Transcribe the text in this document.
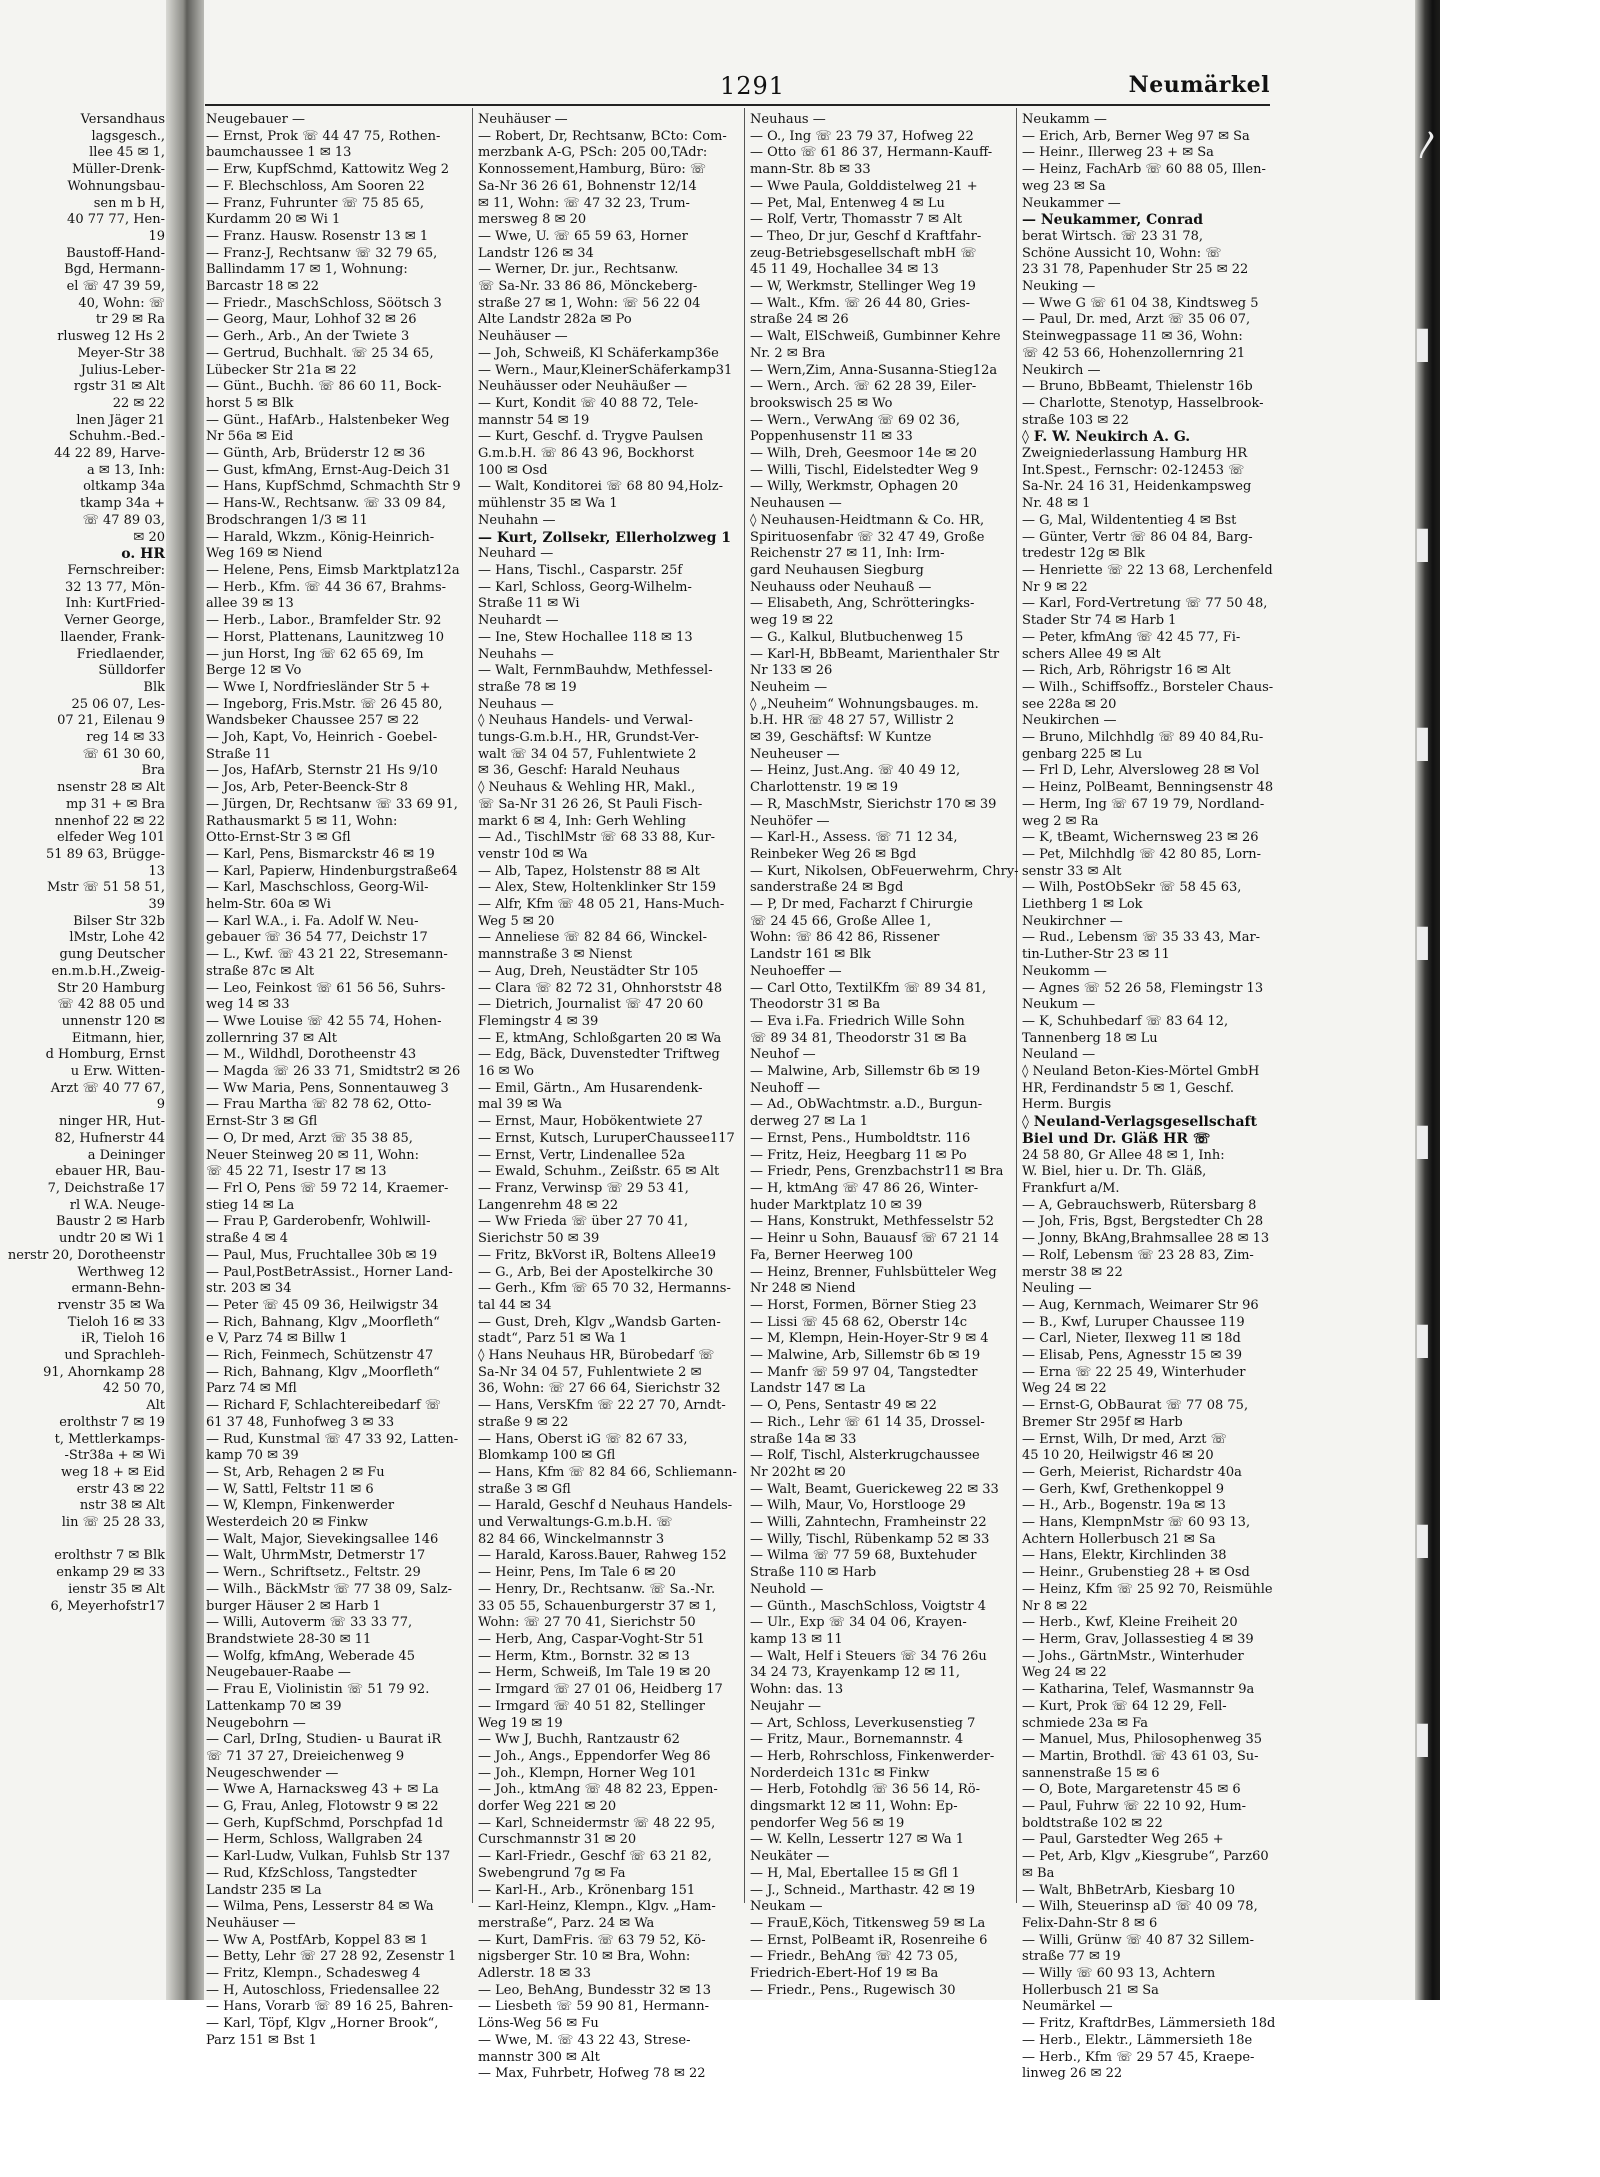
1291	Neumärkel
Versandhaus
lagsgesch.,
llee 45 ✉ 1,
Müller-Drenk-
Wohnungsbau-
sen m b H,
40 77 77, Hen-
19
Baustoff-Hand-
Bgd, Hermann-
el ☏ 47 39 59,
40, Wohn: ☏
tr 29 ✉ Ra
rlusweg 12 Hs 2
Meyer-Str 38
Julius-Leber-
rgstr 31 ✉ Alt
22 ✉ 22
lnen Jäger 21
Schuhm.-Bed.-
44 22 89, Harve-
a ✉ 13, Inh:
oltkamp 34a
tkamp 34a +
☏ 47 89 03,
✉ 20
o. HR
Fernschreiber:
32 13 77, Mön-
Inh: KurtFried-
Verner George,
llaender, Frank-
Friedlaender,
Sülldorfer
Blk
25 06 07, Les-
07 21, Eilenau 9
reg 14 ✉ 33
☏ 61 30 60,
Bra
nsenstr 28 ✉ Alt
mp 31 + ✉ Bra
nnenhof 22 ✉ 22
elfeder Weg 101
51 89 63, Brügge-
13
Mstr ☏ 51 58 51,
39
Bilser Str 32b
lMstr, Lohe 42
gung Deutscher
en.m.b.H.,Zweig-
Str 20 Hamburg
☏ 42 88 05 und
unnenstr 120 ✉
Eitmann, hier,
d Homburg, Ernst
u Erw. Witten-
Arzt ☏ 40 77 67,
9
ninger HR, Hut-
82, Hufnerstr 44
a Deininger
ebauer HR, Bau-
7, Deichstraße 17
rl W.A. Neuge-
Baustr 2 ✉ Harb
undtr 20 ✉ Wi 1
nerstr 20, Dorotheenstr
Werthweg 12
ermann-Behn-
rvenstr 35 ✉ Wa
Tieloh 16 ✉ 33
iR, Tieloh 16
und Sprachleh-
91, Ahornkamp 28
42 50 70,
Alt
erolthstr 7 ✉ 19
t, Mettlerkamps-
-Str38a + ✉ Wi
weg 18 + ✉ Eid
erstr 43 ✉ 22
nstr 38 ✉ Alt
lin ☏ 25 28 33,

erolthstr 7 ✉ Blk
enkamp 29 ✉ 33
ienstr 35 ✉ Alt
6, Meyerhofstr17
Neugebauer —
— Ernst, Prok ☏ 44 47 75, Rothen-
baumchaussee 1 ✉ 13
— Erw, KupfSchmd, Kattowitz Weg 2
— F. Blechschloss, Am Sooren 22
— Franz, Fuhrunter ☏ 75 85 65,
Kurdamm 20 ✉ Wi 1
— Franz. Hausw. Rosenstr 13 ✉ 1
— Franz-J, Rechtsanw ☏ 32 79 65,
Ballindamm 17 ✉ 1, Wohnung:
Barcastr 18 ✉ 22
— Friedr., MaschSchloss, Söötsch 3
— Georg, Maur, Lohhof 32 ✉ 26
— Gerh., Arb., An der Twiete 3
— Gertrud, Buchhalt. ☏ 25 34 65,
Lübecker Str 21a ✉ 22
— Günt., Buchh. ☏ 86 60 11, Bock-
horst 5 ✉ Blk
— Günt., HafArb., Halstenbeker Weg
Nr 56a ✉ Eid
— Günth, Arb, Brüderstr 12 ✉ 36
— Gust, kfmAng, Ernst-Aug-Deich 31
— Hans, KupfSchmd, Schmachth Str 9
— Hans-W., Rechtsanw. ☏ 33 09 84,
Brodschrangen 1/3 ✉ 11
— Harald, Wkzm., König-Heinrich-
Weg 169 ✉ Niend
— Helene, Pens, Eimsb Marktplatz12a
— Herb., Kfm. ☏ 44 36 67, Brahms-
allee 39 ✉ 13
— Herb., Labor., Bramfelder Str. 92
— Horst, Plattenans, Launitzweg 10
— jun Horst, Ing ☏ 62 65 69, Im
Berge 12 ✉ Vo
— Wwe I, Nordfriesländer Str 5 +
— Ingeborg, Fris.Mstr. ☏ 26 45 80,
Wandsbeker Chaussee 257 ✉ 22
— Joh, Kapt, Vo, Heinrich - Goebel-
Straße 11
— Jos, HafArb, Sternstr 21 Hs 9/10
— Jos, Arb, Peter-Beenck-Str 8
— Jürgen, Dr, Rechtsanw ☏ 33 69 91,
Rathausmarkt 5 ✉ 11, Wohn:
Otto-Ernst-Str 3 ✉ Gfl
— Karl, Pens, Bismarckstr 46 ✉ 19
— Karl, Papierw, Hindenburgstraße64
— Karl, Maschschloss, Georg-Wil-
helm-Str. 60a ✉ Wi
— Karl W.A., i. Fa. Adolf W. Neu-
gebauer ☏ 36 54 77, Deichstr 17
— L., Kwf. ☏ 43 21 22, Stresemann-
straße 87c ✉ Alt
— Leo, Feinkost ☏ 61 56 56, Suhrs-
weg 14 ✉ 33
— Wwe Louise ☏ 42 55 74, Hohen-
zollernring 37 ✉ Alt
— M., Wildhdl, Dorotheenstr 43
— Magda ☏ 26 33 71, Smidtstr2 ✉ 26
— Ww Maria, Pens, Sonnentauweg 3
— Frau Martha ☏ 82 78 62, Otto-
Ernst-Str 3 ✉ Gfl
— O, Dr med, Arzt ☏ 35 38 85,
Neuer Steinweg 20 ✉ 11, Wohn:
☏ 45 22 71, Isestr 17 ✉ 13
— Frl O, Pens ☏ 59 72 14, Kraemer-
stieg 14 ✉ La
— Frau P, Garderobenfr, Wohlwill-
straße 4 ✉ 4
— Paul, Mus, Fruchtallee 30b ✉ 19
— Paul,PostBetrAssist., Horner Land-
str. 203 ✉ 34
— Peter ☏ 45 09 36, Heilwigstr 34
— Rich, Bahnang, Klgv „Moorfleth“
e V, Parz 74 ✉ Billw 1
— Rich, Feinmech, Schützenstr 47
— Rich, Bahnang, Klgv „Moorfleth“
Parz 74 ✉ Mfl
— Richard F, Schlachtereibedarf ☏
61 37 48, Funhofweg 3 ✉ 33
— Rud, Kunstmal ☏ 47 33 92, Latten-
kamp 70 ✉ 39
— St, Arb, Rehagen 2 ✉ Fu
— W, Sattl, Feltstr 11 ✉ 6
— W, Klempn, Finkenwerder
Westerdeich 20 ✉ Finkw
— Walt, Major, Sievekingsallee 146
— Walt, UhrmMstr, Detmerstr 17
— Wern., Schriftsetz., Feltstr. 29
— Wilh., BäckMstr ☏ 77 38 09, Salz-
burger Häuser 2 ✉ Harb 1
— Willi, Autoverm ☏ 33 33 77,
Brandstwiete 28-30 ✉ 11
— Wolfg, kfmAng, Weberade 45
Neugebauer-Raabe —
— Frau E, Violinistin ☏ 51 79 92.
Lattenkamp 70 ✉ 39
Neugebohrn —
— Carl, DrIng, Studien- u Baurat iR
☏ 71 37 27, Dreieichenweg 9
Neugeschwender —
— Wwe A, Harnacksweg 43 + ✉ La
— G, Frau, Anleg, Flotowstr 9 ✉ 22
— Gerh, KupfSchmd, Porschpfad 1d
— Herm, Schloss, Wallgraben 24
— Karl-Ludw, Vulkan, Fuhlsb Str 137
— Rud, KfzSchloss, Tangstedter
Landstr 235 ✉ La
— Wilma, Pens, Lesserstr 84 ✉ Wa
Neuhäuser —
— Ww A, PostfArb, Koppel 83 ✉ 1
— Betty, Lehr ☏ 27 28 92, Zesenstr 1
— Fritz, Klempn., Schadesweg 4
— H, Autoschloss, Friedensallee 22
— Hans, Vorarb ☏ 89 16 25, Bahren-
— Karl, Töpf, Klgv „Horner Brook“,
Parz 151 ✉ Bst 1
Neuhäuser —
— Robert, Dr, Rechtsanw, BCto: Com-
merzbank A-G, PSch: 205 00,TAdr:
Konnossement,Hamburg, Büro: ☏
Sa-Nr 36 26 61, Bohnenstr 12/14
✉ 11, Wohn: ☏ 47 32 23, Trum-
mersweg 8 ✉ 20
— Wwe, U. ☏ 65 59 63, Horner
Landstr 126 ✉ 34
— Werner, Dr. jur., Rechtsanw.
☏ Sa-Nr. 33 86 86, Mönckeberg-
straße 27 ✉ 1, Wohn: ☏ 56 22 04
Alte Landstr 282a ✉ Po
Neuhäuser —
— Joh, Schweiß, Kl Schäferkamp36e
— Wern., Maur,KleinerSchäferkamp31
Neuhäusser oder Neuhäußer —
— Kurt, Kondit ☏ 40 88 72, Tele-
mannstr 54 ✉ 19
— Kurt, Geschf. d. Trygve Paulsen
G.m.b.H. ☏ 86 43 96, Bockhorst
100 ✉ Osd
— Walt, Konditorei ☏ 68 80 94,Holz-
mühlenstr 35 ✉ Wa 1
Neuhahn —
— Kurt, Zollsekr, Ellerholzweg 1
Neuhard —
— Hans, Tischl., Casparstr. 25f
— Karl, Schloss, Georg-Wilhelm-
Straße 11 ✉ Wi
Neuhardt —
— Ine, Stew Hochallee 118 ✉ 13
Neuhahs —
— Walt, FernmBauhdw, Methfessel-
straße 78 ✉ 19
Neuhaus —
◊ Neuhaus Handels- und Verwal-
tungs-G.m.b.H., HR, Grundst-Ver-
walt ☏ 34 04 57, Fuhlentwiete 2
✉ 36, Geschf: Harald Neuhaus
◊ Neuhaus & Wehling HR, Makl.,
☏ Sa-Nr 31 26 26, St Pauli Fisch-
markt 6 ✉ 4, Inh: Gerh Wehling
— Ad., TischlMstr ☏ 68 33 88, Kur-
venstr 10d ✉ Wa
— Alb, Tapez, Holstenstr 88 ✉ Alt
— Alex, Stew, Holtenklinker Str 159
— Alfr, Kfm ☏ 48 05 21, Hans-Much-
Weg 5 ✉ 20
— Anneliese ☏ 82 84 66, Winckel-
mannstraße 3 ✉ Nienst
— Aug, Dreh, Neustädter Str 105
— Clara ☏ 82 72 31, Ohnhorststr 48
— Dietrich, Journalist ☏ 47 20 60
Flemingstr 4 ✉ 39
— E, ktmAng, Schloßgarten 20 ✉ Wa
— Edg, Bäck, Duvenstedter Triftweg
16 ✉ Wo
— Emil, Gärtn., Am Husarendenk-
mal 39 ✉ Wa
— Ernst, Maur, Hobökentwiete 27
— Ernst, Kutsch, LuruperChaussee117
— Ernst, Vertr, Lindenallee 52a
— Ewald, Schuhm., Zeißstr. 65 ✉ Alt
— Franz, Verwinsp ☏ 29 53 41,
Langenrehm 48 ✉ 22
— Ww Frieda ☏ über 27 70 41,
Sierichstr 50 ✉ 39
— Fritz, BkVorst iR, Boltens Allee19
— G., Arb, Bei der Apostelkirche 30
— Gerh., Kfm ☏ 65 70 32, Hermanns-
tal 44 ✉ 34
— Gust, Dreh, Klgv „Wandsb Garten-
stadt“, Parz 51 ✉ Wa 1
◊ Hans Neuhaus HR, Bürobedarf ☏
Sa-Nr 34 04 57, Fuhlentwiete 2 ✉
36, Wohn: ☏ 27 66 64, Sierichstr 32
— Hans, VersKfm ☏ 22 27 70, Arndt-
straße 9 ✉ 22
— Hans, Oberst iG ☏ 82 67 33,
Blomkamp 100 ✉ Gfl
— Hans, Kfm ☏ 82 84 66, Schliemann-
straße 3 ✉ Gfl
— Harald, Geschf d Neuhaus Handels-
und Verwaltungs-G.m.b.H. ☏
82 84 66, Winckelmannstr 3
— Harald, Kaross.Bauer, Rahweg 152
— Heinr, Pens, Im Tale 6 ✉ 20
— Henry, Dr., Rechtsanw. ☏ Sa.-Nr.
33 05 55, Schauenburgerstr 37 ✉ 1,
Wohn: ☏ 27 70 41, Sierichstr 50
— Herb, Ang, Caspar-Voght-Str 51
— Herm, Ktm., Bornstr. 32 ✉ 13
— Herm, Schweiß, Im Tale 19 ✉ 20
— Irmgard ☏ 27 01 06, Heidberg 17
— Irmgard ☏ 40 51 82, Stellinger
Weg 19 ✉ 19
— Ww J, Buchh, Rantzaustr 62
— Joh., Angs., Eppendorfer Weg 86
— Joh., Klempn, Horner Weg 101
— Joh., ktmAng ☏ 48 82 23, Eppen-
dorfer Weg 221 ✉ 20
— Karl, Schneidermstr ☏ 48 22 95,
Curschmannstr 31 ✉ 20
— Karl-Friedr., Geschf ☏ 63 21 82,
Swebengrund 7g ✉ Fa
— Karl-H., Arb., Krönenbarg 151
— Karl-Heinz, Klempn., Klgv. „Ham-
merstraße“, Parz. 24 ✉ Wa
— Kurt, DamFris. ☏ 63 79 52, Kö-
nigsberger Str. 10 ✉ Bra, Wohn:
Adlerstr. 18 ✉ 33
— Leo, BehAng, Bundesstr 32 ✉ 13
— Liesbeth ☏ 59 90 81, Hermann-
Löns-Weg 56 ✉ Fu
— Wwe, M. ☏ 43 22 43, Strese-
mannstr 300 ✉ Alt
— Max, Fuhrbetr, Hofweg 78 ✉ 22
Neuhaus —
— O., Ing ☏ 23 79 37, Hofweg 22
— Otto ☏ 61 86 37, Hermann-Kauff-
mann-Str. 8b ✉ 33
— Wwe Paula, Golddistelweg 21 +
— Pet, Mal, Entenweg 4 ✉ Lu
— Rolf, Vertr, Thomasstr 7 ✉ Alt
— Theo, Dr jur, Geschf d Kraftfahr-
zeug-Betriebsgesellschaft mbH ☏
45 11 49, Hochallee 34 ✉ 13
— W, Werkmstr, Stellinger Weg 19
— Walt., Kfm. ☏ 26 44 80, Gries-
straße 24 ✉ 26
— Walt, ElSchweiß, Gumbinner Kehre
Nr. 2 ✉ Bra
— Wern,Zim, Anna-Susanna-Stieg12a
— Wern., Arch. ☏ 62 28 39, Eiler-
brookswisch 25 ✉ Wo
— Wern., VerwAng ☏ 69 02 36,
Poppenhusenstr 11 ✉ 33
— Wilh, Dreh, Geesmoor 14e ✉ 20
— Willi, Tischl, Eidelstedter Weg 9
— Willy, Werkmstr, Ophagen 20
Neuhausen —
◊ Neuhausen-Heidtmann & Co. HR,
Spirituosenfabr ☏ 32 47 49, Große
Reichenstr 27 ✉ 11, Inh: Irm-
gard Neuhausen Siegburg
Neuhauss oder Neuhauß —
— Elisabeth, Ang, Schrötteringks-
weg 19 ✉ 22
— G., Kalkul, Blutbuchenweg 15
— Karl-H, BbBeamt, Marienthaler Str
Nr 133 ✉ 26
Neuheim —
◊ „Neuheim“ Wohnungsbauges. m.
b.H. HR ☏ 48 27 57, Willistr 2
✉ 39, Geschäftsf: W Kuntze
Neuheuser —
— Heinz, Just.Ang. ☏ 40 49 12,
Charlottenstr. 19 ✉ 19
— R, MaschMstr, Sierichstr 170 ✉ 39
Neuhöfer —
— Karl-H., Assess. ☏ 71 12 34,
Reinbeker Weg 26 ✉ Bgd
— Kurt, Nikolsen, ObFeuerwehrm, Chry-
sanderstraße 24 ✉ Bgd
— P, Dr med, Facharzt f Chirurgie
☏ 24 45 66, Große Allee 1,
Wohn: ☏ 86 42 86, Rissener
Landstr 161 ✉ Blk
Neuhoeffer —
— Carl Otto, TextilKfm ☏ 89 34 81,
Theodorstr 31 ✉ Ba
— Eva i.Fa. Friedrich Wille Sohn
☏ 89 34 81, Theodorstr 31 ✉ Ba
Neuhof —
— Malwine, Arb, Sillemstr 6b ✉ 19
Neuhoff —
— Ad., ObWachtmstr. a.D., Burgun-
derweg 27 ✉ La 1
— Ernst, Pens., Humboldtstr. 116
— Fritz, Heiz, Heegbarg 11 ✉ Po
— Friedr, Pens, Grenzbachstr11 ✉ Bra
— H, ktmAng ☏ 47 86 26, Winter-
huder Marktplatz 10 ✉ 39
— Hans, Konstrukt, Methfesselstr 52
— Heinr u Sohn, Bauausf ☏ 67 21 14
Fa, Berner Heerweg 100
— Heinz, Brenner, Fuhlsbütteler Weg
Nr 248 ✉ Niend
— Horst, Formen, Börner Stieg 23
— Lissi ☏ 45 68 62, Oberstr 14c
— M, Klempn, Hein-Hoyer-Str 9 ✉ 4
— Malwine, Arb, Sillemstr 6b ✉ 19
— Manfr ☏ 59 97 04, Tangstedter
Landstr 147 ✉ La
— O, Pens, Sentastr 49 ✉ 22
— Rich., Lehr ☏ 61 14 35, Drossel-
straße 14a ✉ 33
— Rolf, Tischl, Alsterkrugchaussee
Nr 202ht ✉ 20
— Walt, Beamt, Guerickeweg 22 ✉ 33
— Wilh, Maur, Vo, Horstlooge 29
— Willi, Zahntechn, Framheinstr 22
— Willy, Tischl, Rübenkamp 52 ✉ 33
— Wilma ☏ 77 59 68, Buxtehuder
Straße 110 ✉ Harb
Neuhold —
— Günth., MaschSchloss, Voigtstr 4
— Ulr., Exp ☏ 34 04 06, Krayen-
kamp 13 ✉ 11
— Walt, Helf i Steuers ☏ 34 76 26u
34 24 73, Krayenkamp 12 ✉ 11,
Wohn: das. 13
Neujahr —
— Art, Schloss, Leverkusenstieg 7
— Fritz, Maur., Bornemannstr. 4
— Herb, Rohrschloss, Finkenwerder-
Norderdeich 131c ✉ Finkw
— Herb, Fotohdlg ☏ 36 56 14, Rö-
dingsmarkt 12 ✉ 11, Wohn: Ep-
pendorfer Weg 56 ✉ 19
— W. Kelln, Lessertr 127 ✉ Wa 1
Neukäter —
— H, Mal, Ebertallee 15 ✉ Gfl 1
— J., Schneid., Marthastr. 42 ✉ 19
Neukam —
— FrauE,Köch, Titkensweg 59 ✉ La
— Ernst, PolBeamt iR, Rosenreihe 6
— Friedr., BehAng ☏ 42 73 05,
Friedrich-Ebert-Hof 19 ✉ Ba
— Friedr., Pens., Rugewisch 30
Neukamm —
— Erich, Arb, Berner Weg 97 ✉ Sa
— Heinr., Illerweg 23 + ✉ Sa
— Heinz, FachArb ☏ 60 88 05, Illen-
weg 23 ✉ Sa
Neukammer —
— Neukammer, Conrad
berat Wirtsch. ☏ 23 31 78,
Schöne Aussicht 10, Wohn: ☏
23 31 78, Papenhuder Str 25 ✉ 22
Neuking —
— Wwe G ☏ 61 04 38, Kindtsweg 5
— Paul, Dr. med, Arzt ☏ 35 06 07,
Steinwegpassage 11 ✉ 36, Wohn:
☏ 42 53 66, Hohenzollernring 21
Neukirch —
— Bruno, BbBeamt, Thielenstr 16b
— Charlotte, Stenotyp, Hasselbrook-
straße 103 ✉ 22
◊ F. W. Neukirch A. G.
Zweigniederlassung Hamburg HR
Int.Spest., Fernschr: 02-12453 ☏
Sa-Nr. 24 16 31, Heidenkampsweg
Nr. 48 ✉ 1
— G, Mal, Wildententieg 4 ✉ Bst
— Günter, Vertr ☏ 86 04 84, Barg-
tredestr 12g ✉ Blk
— Henriette ☏ 22 13 68, Lerchenfeld
Nr 9 ✉ 22
— Karl, Ford-Vertretung ☏ 77 50 48,
Stader Str 74 ✉ Harb 1
— Peter, kfmAng ☏ 42 45 77, Fi-
schers Allee 49 ✉ Alt
— Rich, Arb, Röhrigstr 16 ✉ Alt
— Wilh., Schiffsoffz., Borsteler Chaus-
see 228a ✉ 20
Neukirchen —
— Bruno, Milchhdlg ☏ 89 40 84,Ru-
genbarg 225 ✉ Lu
— Frl D, Lehr, Alversloweg 28 ✉ Vol
— Heinz, PolBeamt, Benningsenstr 48
— Herm, Ing ☏ 67 19 79, Nordland-
weg 2 ✉ Ra
— K, tBeamt, Wichernsweg 23 ✉ 26
— Pet, Milchhdlg ☏ 42 80 85, Lorn-
senstr 33 ✉ Alt
— Wilh, PostObSekr ☏ 58 45 63,
Liethberg 1 ✉ Lok
Neukirchner —
— Rud., Lebensm ☏ 35 33 43, Mar-
tin-Luther-Str 23 ✉ 11
Neukomm —
— Agnes ☏ 52 26 58, Flemingstr 13
Neukum —
— K, Schuhbedarf ☏ 83 64 12,
Tannenberg 18 ✉ Lu
Neuland —
◊ Neuland Beton-Kies-Mörtel GmbH
HR, Ferdinandstr 5 ✉ 1, Geschf.
Herm. Burgis
◊ Neuland-Verlagsgesellschaft
Biel und Dr. Gläß HR ☏
24 58 80, Gr Allee 48 ✉ 1, Inh:
W. Biel, hier u. Dr. Th. Gläß,
Frankfurt a/M.
— A, Gebrauchswerb, Rütersbarg 8
— Joh, Fris, Bgst, Bergstedter Ch 28
— Jonny, BkAng,Brahmsallee 28 ✉ 13
— Rolf, Lebensm ☏ 23 28 83, Zim-
merstr 38 ✉ 22
Neuling —
— Aug, Kernmach, Weimarer Str 96
— B., Kwf, Luruper Chaussee 119
— Carl, Nieter, Ilexweg 11 ✉ 18d
— Elisab, Pens, Agnesstr 15 ✉ 39
— Erna ☏ 22 25 49, Winterhuder
Weg 24 ✉ 22
— Ernst-G, ObBaurat ☏ 77 08 75,
Bremer Str 295f ✉ Harb
— Ernst, Wilh, Dr med, Arzt ☏
45 10 20, Heilwigstr 46 ✉ 20
— Gerh, Meierist, Richardstr 40a
— Gerh, Kwf, Grethenkoppel 9
— H., Arb., Bogenstr. 19a ✉ 13
— Hans, KlempnMstr ☏ 60 93 13,
Achtern Hollerbusch 21 ✉ Sa
— Hans, Elektr, Kirchlinden 38
— Heinr., Grubenstieg 28 + ✉ Osd
— Heinz, Kfm ☏ 25 92 70, Reismühle
Nr 8 ✉ 22
— Herb., Kwf, Kleine Freiheit 20
— Herm, Grav, Jollassestieg 4 ✉ 39
— Johs., GärtnMstr., Winterhuder
Weg 24 ✉ 22
— Katharina, Telef, Wasmannstr 9a
— Kurt, Prok ☏ 64 12 29, Fell-
schmiede 23a ✉ Fa
— Manuel, Mus, Philosophenweg 35
— Martin, Brothdl. ☏ 43 61 03, Su-
sannenstraße 15 ✉ 6
— O, Bote, Margaretenstr 45 ✉ 6
— Paul, Fuhrw ☏ 22 10 92, Hum-
boldtstraße 102 ✉ 22
— Paul, Garstedter Weg 265 +
— Pet, Arb, Klgv „Kiesgrube“, Parz60
✉ Ba
— Walt, BhBetrArb, Kiesbarg 10
— Wilh, Steuerinsp aD ☏ 40 09 78,
Felix-Dahn-Str 8 ✉ 6
— Willi, Grünw ☏ 40 87 32 Sillem-
straße 77 ✉ 19
— Willy ☏ 60 93 13, Achtern
Hollerbusch 21 ✉ Sa
Neumärkel —
— Fritz, KraftdrBes, Lämmersieth 18d
— Herb., Elektr., Lämmersieth 18e
— Herb., Kfm ☏ 29 57 45, Kraepe-
linweg 26 ✉ 22
〳
▌
▌
▌
▌
▌
▌
▌
▌
